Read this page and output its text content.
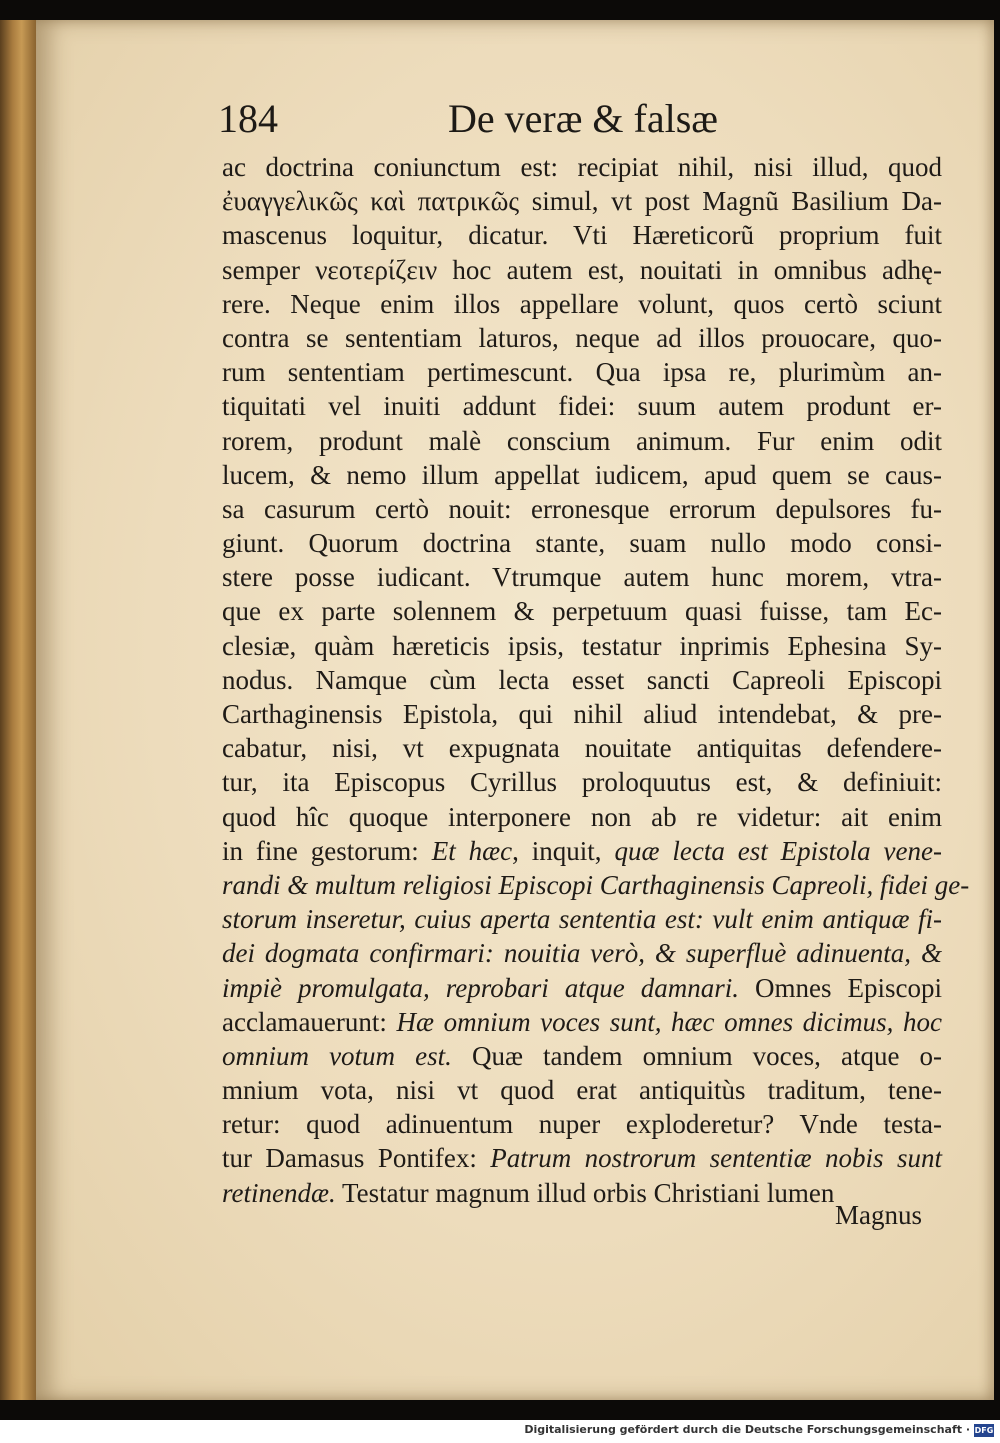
184	De veræ & falsæ
ac doctrina coniunctum est: recipiat nihil, nisi illud, quod
ἐυαγγελικῶς καὶ πατρικῶς simul, vt post Magnũ Basilium Da-
mascenus loquitur, dicatur. Vti Hæreticorũ proprium fuit
semper νεοτερίζειν hoc autem est, nouitati in omnibus adhę-
rere. Neque enim illos appellare volunt, quos certò sciunt
contra se sententiam laturos, neque ad illos prouocare, quo-
rum sententiam pertimescunt. Qua ipsa re, plurimùm an-
tiquitati vel inuiti addunt fidei: suum autem produnt er-
rorem, produnt malè conscium animum. Fur enim odit
lucem, & nemo illum appellat iudicem, apud quem se caus-
sa casurum certò nouit: erronesque errorum depulsores fu-
giunt. Quorum doctrina stante, suam nullo modo consi-
stere posse iudicant. Vtrumque autem hunc morem, vtra-
que ex parte solennem & perpetuum quasi fuisse, tam Ec-
clesiæ, quàm hæreticis ipsis, testatur inprimis Ephesina Sy-
nodus. Namque cùm lecta esset sancti Capreoli Episcopi
Carthaginensis Epistola, qui nihil aliud intendebat, & pre-
cabatur, nisi, vt expugnata nouitate antiquitas defendere-
tur, ita Episcopus Cyrillus proloquutus est, & definiuit:
quod hîc quoque interponere non ab re videtur: ait enim
in fine gestorum: Et hæc, inquit, quæ lecta est Epistola vene-
randi & multum religiosi Episcopi Carthaginensis Capreoli, fidei ge-
storum inseretur, cuius aperta sententia est: vult enim antiquæ fi-
dei dogmata confirmari: nouitia verò, & superfluè adinuenta, &
impiè promulgata, reprobari atque damnari. Omnes Episcopi
acclamauerunt: Hæ omnium voces sunt, hæc omnes dicimus, hoc
omnium votum est. Quæ tandem omnium voces, atque o-
mnium vota, nisi vt quod erat antiquitùs traditum, tene-
retur: quod adinuentum nuper exploderetur? Vnde testa-
tur Damasus Pontifex: Patrum nostrorum sententiæ nobis sunt
retinendæ. Testatur magnum illud orbis Christiani lumen
Magnus
Digitalisierung gefördert durch die Deutsche Forschungsgemeinschaft · DFG
